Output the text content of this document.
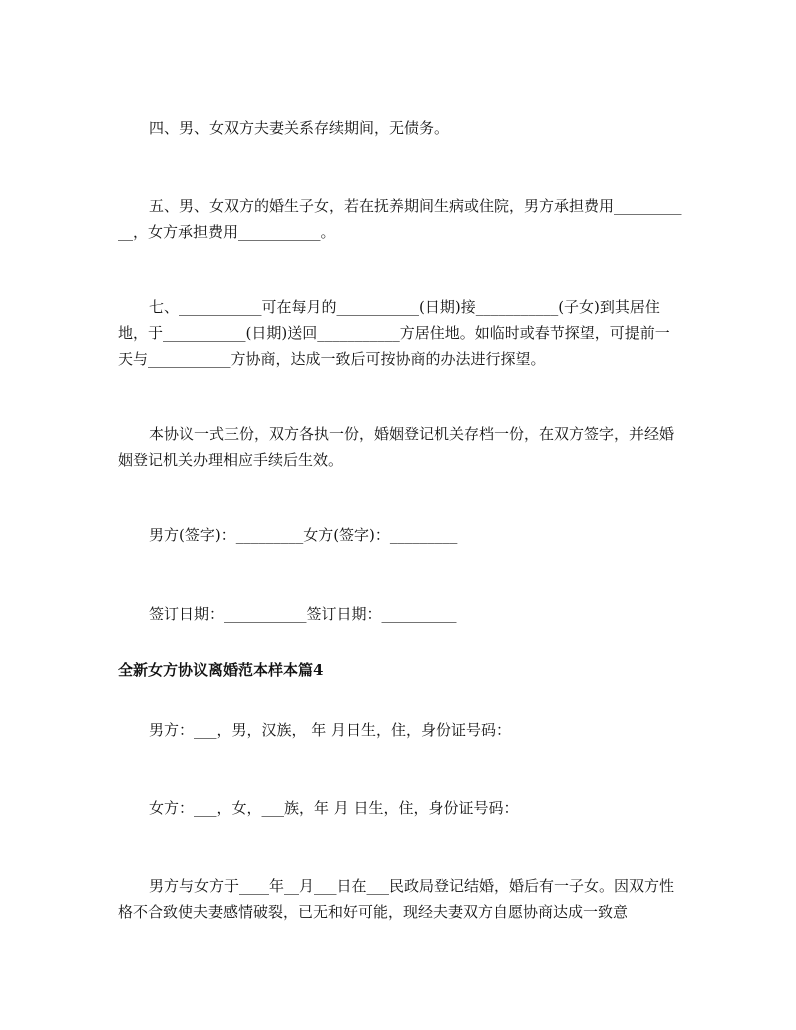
四、男、女双方夫妻关系存续期间，无债务。

五、男、女双方的婚生子女，若在抚养期间生病或住院，男方承担费用___________，女方承担费用___________。

七、___________可在每月的___________(日期)接___________(子女)到其居住地，于___________(日期)送回___________方居住地。如临时或春节探望，可提前一天与___________方协商，达成一致后可按协商的办法进行探望。

本协议一式三份，双方各执一份，婚姻登记机关存档一份，在双方签字，并经婚姻登记机关办理相应手续后生效。

男方(签字)：_________女方(签字)：_________

签订日期：___________签订日期：__________

全新女方协议离婚范本样本篇4

男方：___，男，汉族， 年 月日生，住，身份证号码：

女方：___，女，___族，年 月 日生，住，身份证号码：

男方与女方于____年__月___日在___民政局登记结婚，婚后有一子女。因双方性格不合致使夫妻感情破裂，已无和好可能，现经夫妻双方自愿协商达成一致意
